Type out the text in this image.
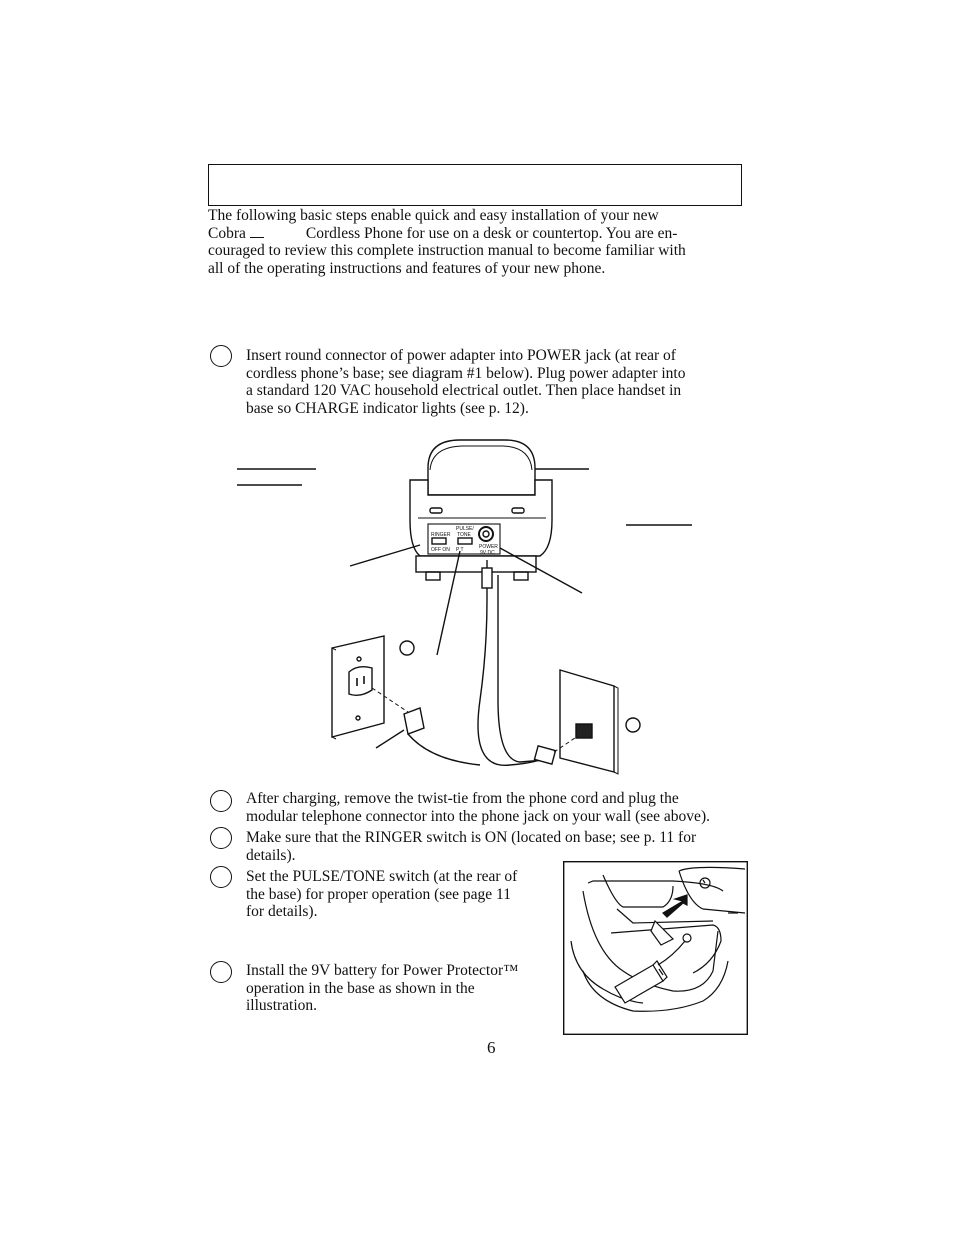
The following basic steps enable quick and easy installation of your new

Cobra	Cordless Phone for use on a desk or countertop. You are en-

couraged to review this complete instruction manual to become familiar with

all of the operating instructions and features of your new phone.

Insert round connector of power adapter into POWER jack (at rear of

cordless phone’s base; see diagram #1 below). Plug power adapter into

a standard 120 VAC household electrical outlet. Then place handset in

base so CHARGE indicator lights (see p. 12).

RINGER
OFF ON
PULSE/
TONE
P T	POWER
9V DC

After charging, remove the twist-tie from the phone cord and plug the

modular telephone connector into the phone jack on your wall (see above).

Make sure that the RINGER switch is ON (located on base; see p. 11 for

details).

Set the PULSE/TONE switch (at the rear of

the base) for proper operation (see page 11

for details).

Install the 9V battery for Power Protector™

operation in the base as shown in the

illustration.

6
